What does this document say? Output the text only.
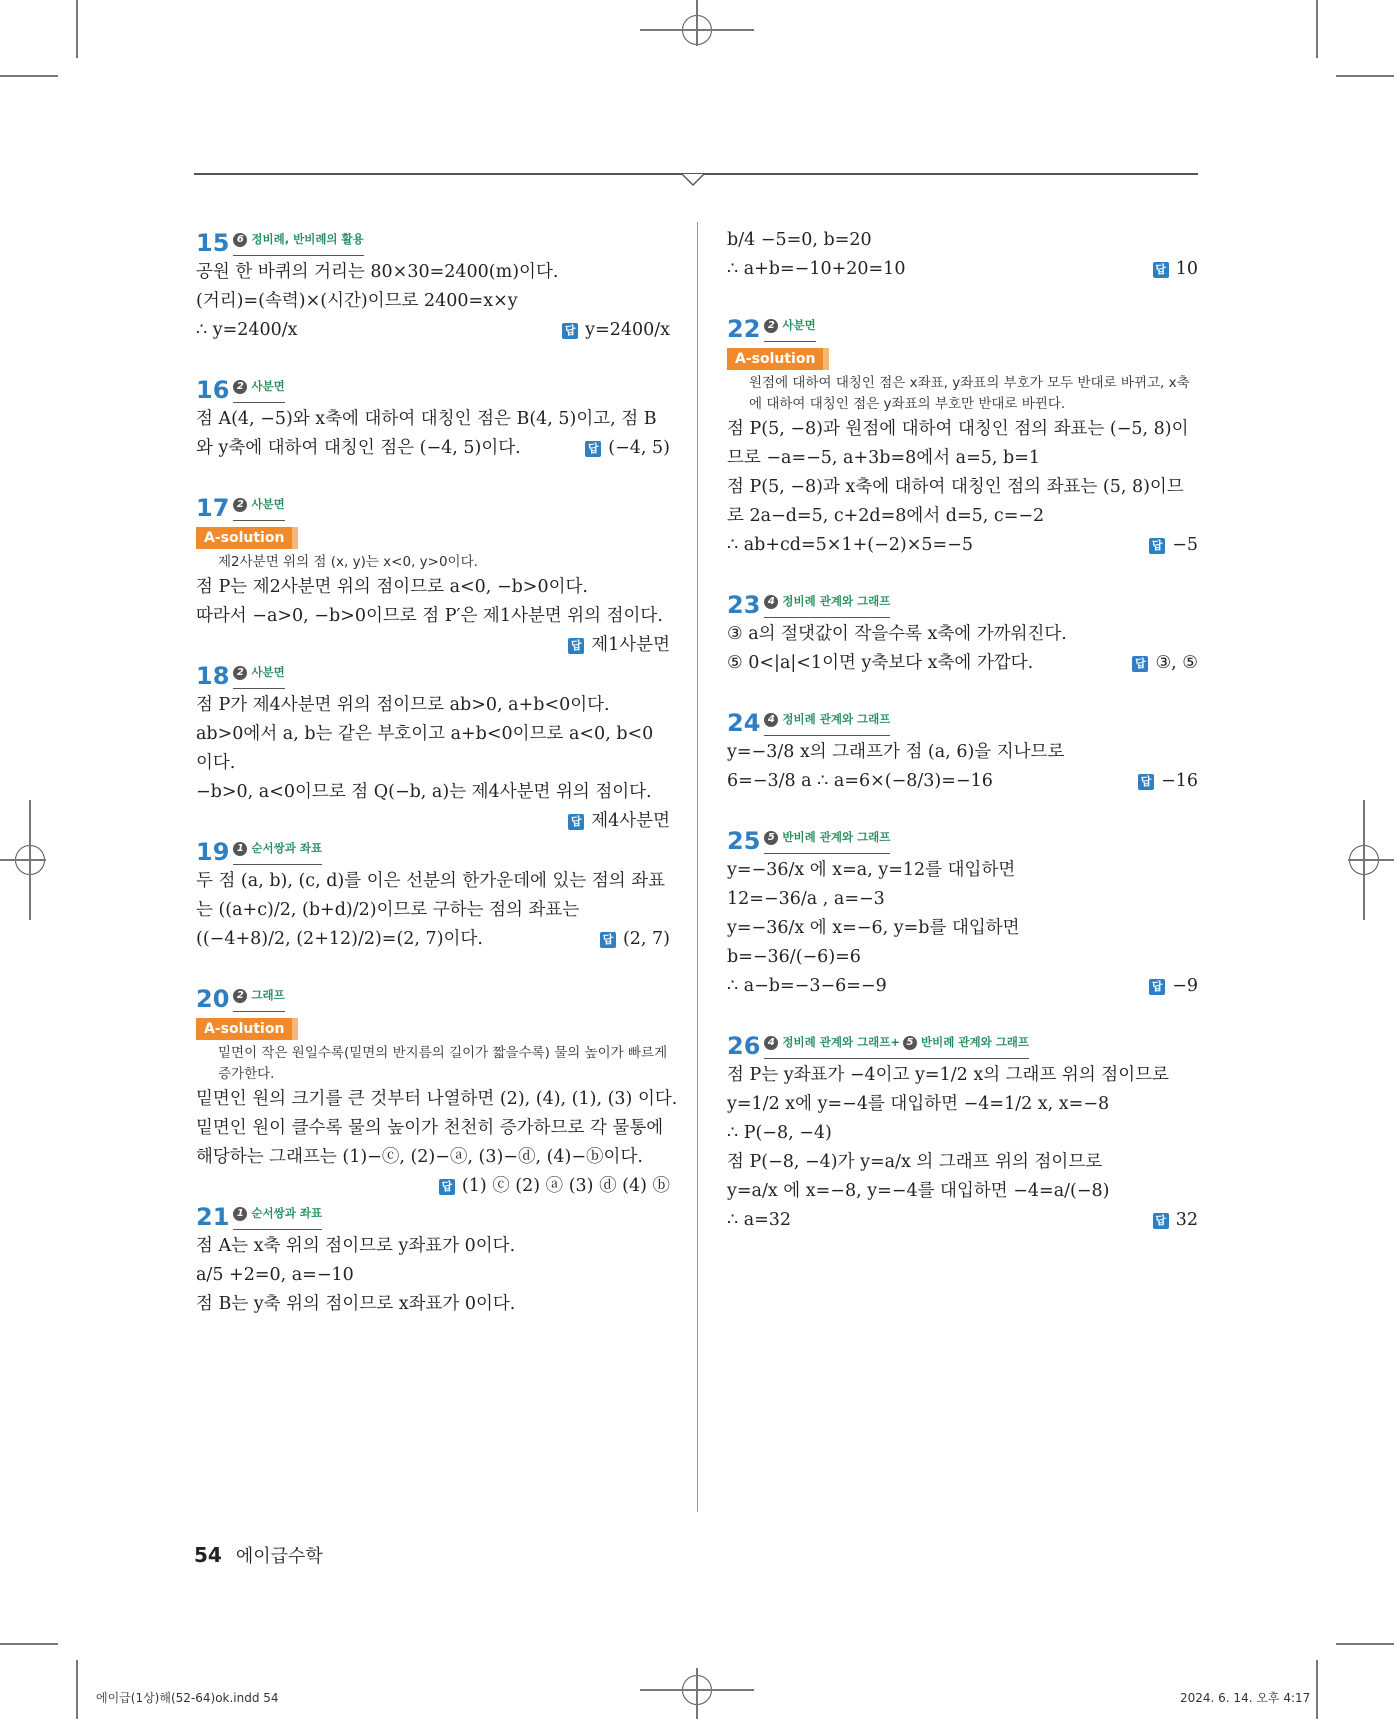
15 6 정비례, 반비례의 활용
공원 한 바퀴의 거리는 80×30=2400(m)이다.
(거리)=(속력)×(시간)이므로 2400=x×y
∴ y=2400/x	답 y=2400/x
16 2 사분면
점 A(4, −5)와 x축에 대하여 대칭인 점은 B(4, 5)이고, 점 B
와 y축에 대하여 대칭인 점은 (−4, 5)이다.	답 (−4, 5)
17 2 사분면
A-solution
제2사분면 위의 점 (x, y)는 x<0, y>0이다.
점 P는 제2사분면 위의 점이므로 a<0, −b>0이다.
따라서 −a>0, −b>0이므로 점 P′은 제1사분면 위의 점이다.
답 제1사분면
18 2 사분면
점 P가 제4사분면 위의 점이므로 ab>0, a+b<0이다.
ab>0에서 a, b는 같은 부호이고 a+b<0이므로 a<0, b<0
이다.
−b>0, a<0이므로 점 Q(−b, a)는 제4사분면 위의 점이다.
답 제4사분면
19 1 순서쌍과 좌표
두 점 (a, b), (c, d)를 이은 선분의 한가운데에 있는 점의 좌표
는 ((a+c)/2, (b+d)/2)이므로 구하는 점의 좌표는
((−4+8)/2, (2+12)/2)=(2, 7)이다.	답 (2, 7)
20 2 그래프
A-solution
밑면이 작은 원일수록(밑면의 반지름의 길이가 짧을수록) 물의 높이가 빠르게
증가한다.
밑면인 원의 크기를 큰 것부터 나열하면 (2), (4), (1), (3) 이다.
밑면인 원이 클수록 물의 높이가 천천히 증가하므로 각 물통에
해당하는 그래프는 (1)−ⓒ, (2)−ⓐ, (3)−ⓓ, (4)−ⓑ이다.
답 (1) ⓒ (2) ⓐ (3) ⓓ (4) ⓑ
21 1 순서쌍과 좌표
점 A는 x축 위의 점이므로 y좌표가 0이다.
a/5 +2=0, a=−10
점 B는 y축 위의 점이므로 x좌표가 0이다.
b/4 −5=0, b=20
∴ a+b=−10+20=10	답 10
22 2 사분면
A-solution
원점에 대하여 대칭인 점은 x좌표, y좌표의 부호가 모두 반대로 바뀌고, x축
에 대하여 대칭인 점은 y좌표의 부호만 반대로 바뀐다.
점 P(5, −8)과 원점에 대하여 대칭인 점의 좌표는 (−5, 8)이
므로 −a=−5, a+3b=8에서 a=5, b=1
점 P(5, −8)과 x축에 대하여 대칭인 점의 좌표는 (5, 8)이므
로 2a−d=5, c+2d=8에서 d=5, c=−2
∴ ab+cd=5×1+(−2)×5=−5	답 −5
23 4 정비례 관계와 그래프
③ a의 절댓값이 작을수록 x축에 가까워진다.
⑤ 0<|a|<1이면 y축보다 x축에 가깝다.	답 ③, ⑤
24 4 정비례 관계와 그래프
y=−3/8 x의 그래프가 점 (a, 6)을 지나므로
6=−3/8 a ∴ a=6×(−8/3)=−16	답 −16
25 5 반비례 관계와 그래프
y=−36/x 에 x=a, y=12를 대입하면
12=−36/a , a=−3
y=−36/x 에 x=−6, y=b를 대입하면
b=−36/(−6)=6
∴ a−b=−3−6=−9	답 −9
26 4 정비례 관계와 그래프+ 5 반비례 관계와 그래프
점 P는 y좌표가 −4이고 y=1/2 x의 그래프 위의 점이므로
y=1/2 x에 y=−4를 대입하면 −4=1/2 x, x=−8
∴ P(−8, −4)
점 P(−8, −4)가 y=a/x 의 그래프 위의 점이므로
y=a/x 에 x=−8, y=−4를 대입하면 −4=a/(−8)
∴ a=32	답 32
54 에이급수학
에이급(1상)해(52-64)ok.indd 54	2024. 6. 14. 오후 4:17
